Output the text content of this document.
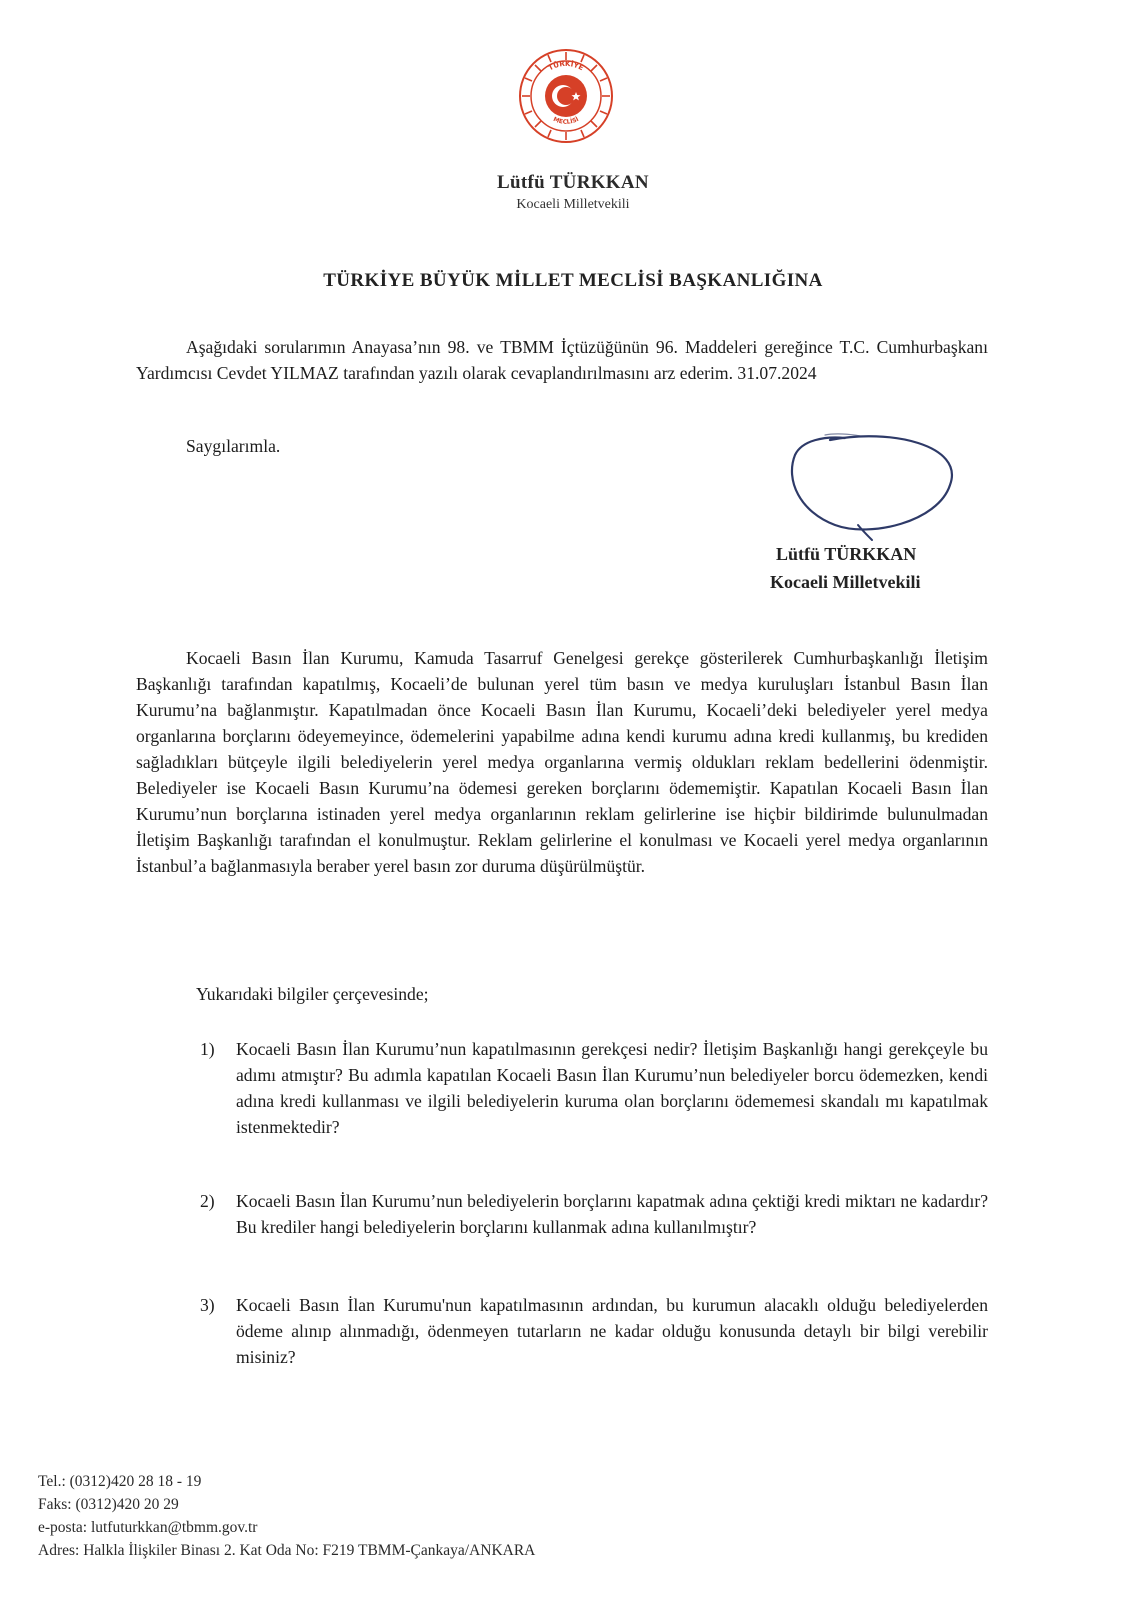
TÜRKİYE
MECLİSİ
Lütfü TÜRKKAN
Kocaeli Milletvekili
TÜRKİYE BÜYÜK MİLLET MECLİSİ BAŞKANLIĞINA
Aşağıdaki sorularımın Anayasa’nın 98. ve TBMM İçtüzüğünün 96. Maddeleri gereğince T.C. Cumhurbaşkanı Yardımcısı Cevdet YILMAZ tarafından yazılı olarak cevaplandırılmasını arz ederim. 31.07.2024
Saygılarımla.
Lütfü TÜRKKAN
Kocaeli Milletvekili
Kocaeli Basın İlan Kurumu, Kamuda Tasarruf Genelgesi gerekçe gösterilerek Cumhurbaşkanlığı İletişim Başkanlığı tarafından kapatılmış, Kocaeli’de bulunan yerel tüm basın ve medya kuruluşları İstanbul Basın İlan Kurumu’na bağlanmıştır. Kapatılmadan önce Kocaeli Basın İlan Kurumu, Kocaeli’deki belediyeler yerel medya organlarına borçlarını ödeyemeyince, ödemelerini yapabilme adına kendi kurumu adına kredi kullanmış, bu krediden sağladıkları bütçeyle ilgili belediyelerin yerel medya organlarına vermiş oldukları reklam bedellerini ödenmiştir. Belediyeler ise Kocaeli Basın Kurumu’na ödemesi gereken borçlarını ödememiştir. Kapatılan Kocaeli Basın İlan Kurumu’nun borçlarına istinaden yerel medya organlarının reklam gelirlerine ise hiçbir bildirimde bulunulmadan İletişim Başkanlığı tarafından el konulmuştur. Reklam gelirlerine el konulması ve Kocaeli yerel medya organlarının İstanbul’a bağlanmasıyla beraber yerel basın zor duruma düşürülmüştür.
Yukarıdaki bilgiler çerçevesinde;
1)	Kocaeli Basın İlan Kurumu’nun kapatılmasının gerekçesi nedir? İletişim Başkanlığı hangi gerekçeyle bu adımı atmıştır? Bu adımla kapatılan Kocaeli Basın İlan Kurumu’nun belediyeler borcu ödemezken, kendi adına kredi kullanması ve ilgili belediyelerin kuruma olan borçlarını ödememesi skandalı mı kapatılmak istenmektedir?
2)	Kocaeli Basın İlan Kurumu’nun belediyelerin borçlarını kapatmak adına çektiği kredi miktarı ne kadardır? Bu krediler hangi belediyelerin borçlarını kullanmak adına kullanılmıştır?
3)	Kocaeli Basın İlan Kurumu'nun kapatılmasının ardından, bu kurumun alacaklı olduğu belediyelerden ödeme alınıp alınmadığı, ödenmeyen tutarların ne kadar olduğu konusunda detaylı bir bilgi verebilir misiniz?
Tel.: (0312)420 28 18 - 19
Faks: (0312)420 20 29
e-posta: lutfuturkkan@tbmm.gov.tr
Adres: Halkla İlişkiler Binası 2. Kat Oda No: F219 TBMM-Çankaya/ANKARA
